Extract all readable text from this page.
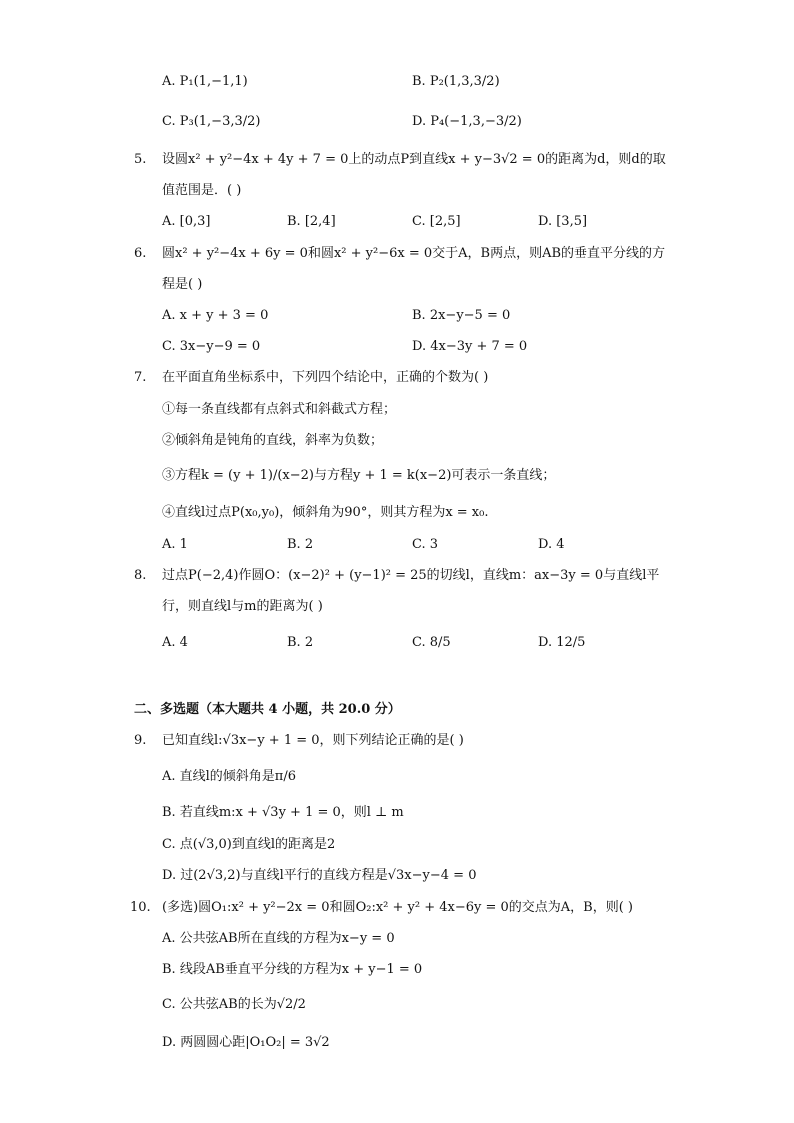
A. P₁(1,−1,1)	B. P₂(1,3,3/2)
C. P₃(1,−3,3/2)	D. P₄(−1,3,−3/2)
5. 设圆x² + y²−4x + 4y + 7 = 0上的动点P到直线x + y−3√2 = 0的距离为d，则d的取
值范围是．( )
A. [0,3]	B. [2,4]	C. [2,5]	D. [3,5]
6. 圆x² + y²−4x + 6y = 0和圆x² + y²−6x = 0交于A，B两点，则AB的垂直平分线的方
程是( )
A. x + y + 3 = 0	B. 2x−y−5 = 0
C. 3x−y−9 = 0	D. 4x−3y + 7 = 0
7. 在平面直角坐标系中，下列四个结论中，正确的个数为( )
①每一条直线都有点斜式和斜截式方程；
②倾斜角是钝角的直线，斜率为负数；
③方程k = (y + 1)/(x−2)与方程y + 1 = k(x−2)可表示一条直线；
④直线l过点P(x₀,y₀)，倾斜角为90°，则其方程为x = x₀.
A. 1	B. 2	C. 3	D. 4
8. 过点P(−2,4)作圆O：(x−2)² + (y−1)² = 25的切线l，直线m：ax−3y = 0与直线l平
行，则直线l与m的距离为( )
A. 4	B. 2	C. 8/5	D. 12/5
二、多选题（本大题共 4 小题，共 20.0 分）
9. 已知直线l:√3x−y + 1 = 0，则下列结论正确的是( )
A. 直线l的倾斜角是π/6
B. 若直线m:x + √3y + 1 = 0，则l ⊥ m
C. 点(√3,0)到直线l的距离是2
D. 过(2√3,2)与直线l平行的直线方程是√3x−y−4 = 0
10. (多选)圆O₁:x² + y²−2x = 0和圆O₂:x² + y² + 4x−6y = 0的交点为A，B，则( )
A. 公共弦AB所在直线的方程为x−y = 0
B. 线段AB垂直平分线的方程为x + y−1 = 0
C. 公共弦AB的长为√2/2
D. 两圆圆心距|O₁O₂| = 3√2
